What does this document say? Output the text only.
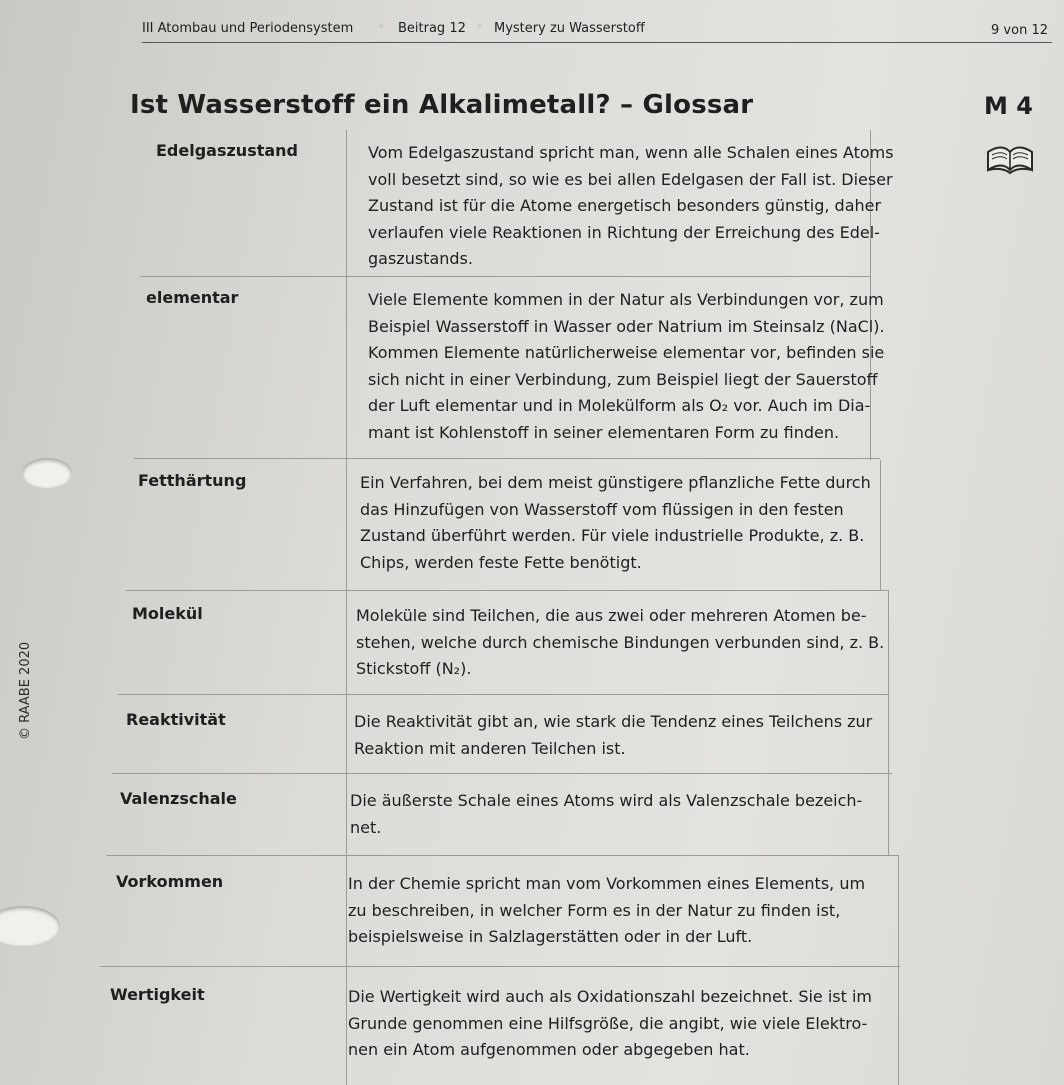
III Atombau und Periodensystem ◦ Beitrag 12 ◦ Mystery zu Wasserstoff	9 von 12
Ist Wasserstoff ein Alkalimetall? – Glossar	M 4
© RAABE 2020
Edelgaszustand	Vom Edelgaszustand spricht man, wenn alle Schalen eines Atoms
voll besetzt sind, so wie es bei allen Edelgasen der Fall ist. Dieser
Zustand ist für die Atome energetisch besonders günstig, daher
verlaufen viele Reaktionen in Richtung der Erreichung des Edel-
gaszustands.
elementar	Viele Elemente kommen in der Natur als Verbindungen vor, zum
Beispiel Wasserstoff in Wasser oder Natrium im Steinsalz (NaCl).
Kommen Elemente natürlicherweise elementar vor, befinden sie
sich nicht in einer Verbindung, zum Beispiel liegt der Sauerstoff
der Luft elementar und in Molekülform als O₂ vor. Auch im Dia-
mant ist Kohlenstoff in seiner elementaren Form zu finden.
Fetthärtung	Ein Verfahren, bei dem meist günstigere pflanzliche Fette durch
das Hinzufügen von Wasserstoff vom flüssigen in den festen
Zustand überführt werden. Für viele industrielle Produkte, z. B.
Chips, werden feste Fette benötigt.
Molekül	Moleküle sind Teilchen, die aus zwei oder mehreren Atomen be-
stehen, welche durch chemische Bindungen verbunden sind, z. B.
Stickstoff (N₂).
Reaktivität	Die Reaktivität gibt an, wie stark die Tendenz eines Teilchens zur
Reaktion mit anderen Teilchen ist.
Valenzschale	Die äußerste Schale eines Atoms wird als Valenzschale bezeich-
net.
Vorkommen	In der Chemie spricht man vom Vorkommen eines Elements, um
zu beschreiben, in welcher Form es in der Natur zu finden ist,
beispielsweise in Salzlagerstätten oder in der Luft.
Wertigkeit	Die Wertigkeit wird auch als Oxidationszahl bezeichnet. Sie ist im
Grunde genommen eine Hilfsgröße, die angibt, wie viele Elektro-
nen ein Atom aufgenommen oder abgegeben hat.
